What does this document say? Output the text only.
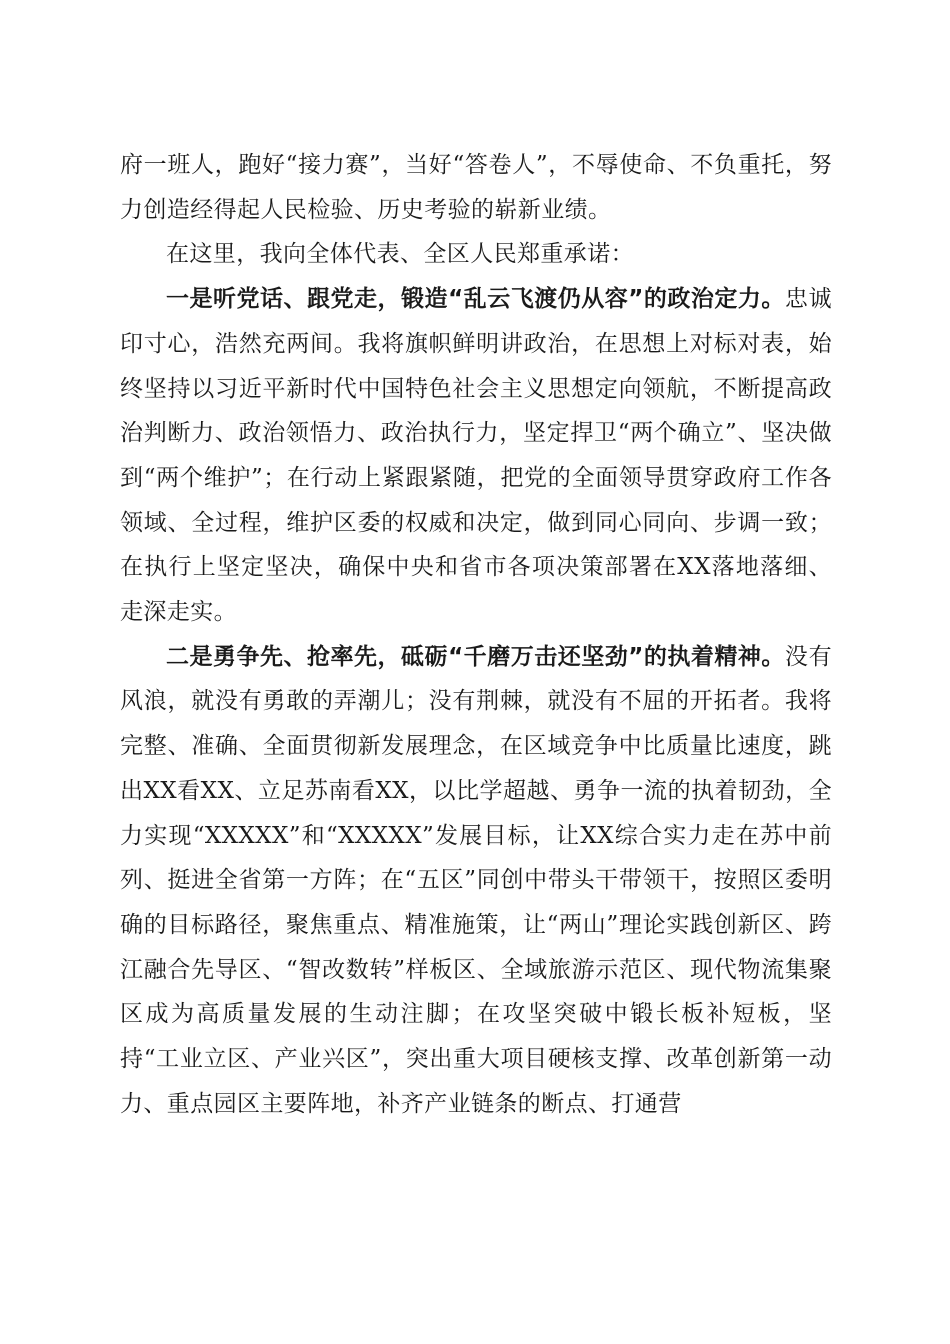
府一班人，跑好“接力赛”，当好“答卷人”，不辱使命、不负重托，努力创造经得起人民检验、历史考验的崭新业绩。

在这里，我向全体代表、全区人民郑重承诺：

一是听党话、跟党走，锻造“乱云飞渡仍从容”的政治定力。忠诚印寸心，浩然充两间。我将旗帜鲜明讲政治，在思想上对标对表，始终坚持以习近平新时代中国特色社会主义思想定向领航，不断提高政治判断力、政治领悟力、政治执行力，坚定捍卫“两个确立”、坚决做到“两个维护”；在行动上紧跟紧随，把党的全面领导贯穿政府工作各领域、全过程，维护区委的权威和决定，做到同心同向、步调一致；在执行上坚定坚决，确保中央和省市各项决策部署在XX落地落细、走深走实。

二是勇争先、抢率先，砥砺“千磨万击还坚劲”的执着精神。没有风浪，就没有勇敢的弄潮儿；没有荆棘，就没有不屈的开拓者。我将完整、准确、全面贯彻新发展理念，在区域竞争中比质量比速度，跳出XX看XX、立足苏南看XX，以比学超越、勇争一流的执着韧劲，全力实现“XXXXX”和“XXXXX”发展目标，让XX综合实力走在苏中前列、挺进全省第一方阵；在“五区”同创中带头干带领干，按照区委明确的目标路径，聚焦重点、精准施策，让“两山”理论实践创新区、跨江融合先导区、“智改数转”样板区、全域旅游示范区、现代物流集聚区成为高质量发展的生动注脚；在攻坚突破中锻长板补短板，坚持“工业立区、产业兴区”，突出重大项目硬核支撑、改革创新第一动力、重点园区主要阵地，补齐产业链条的断点、打通营
